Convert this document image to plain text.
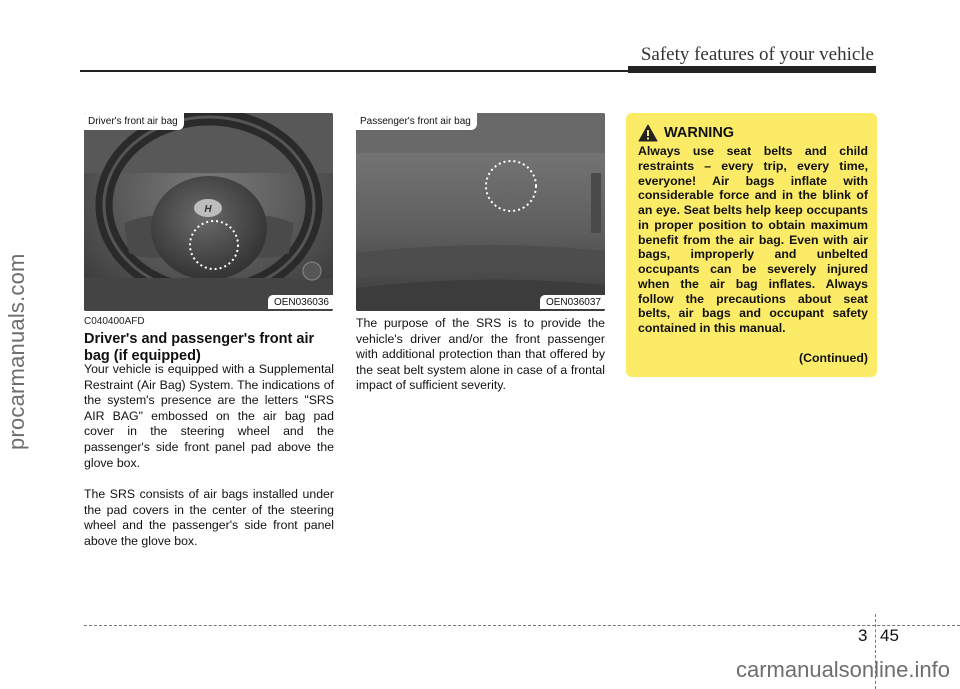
procarmanuals.com
Safety features of your vehicle
H
Driver's front air bag
OEN036036
Passenger's front air bag
OEN036037
C040400AFD
Driver's and passenger's front air bag (if equipped)
Your vehicle is equipped with a Supplemental Restraint (Air Bag) System. The indications of the system's presence are the letters "SRS AIR BAG" embossed on the air bag pad cover in the steering wheel and the passenger's side front panel pad above the glove box.
The SRS consists of air bags installed under the pad covers in the center of the steering wheel and the passenger's side front panel above the glove box.
The purpose of the SRS is to provide the vehicle's driver and/or the front passenger with additional protection than that offered by the seat belt system alone in case of a frontal impact of sufficient severity.
WARNING
Always use seat belts and child restraints – every trip, every time, everyone! Air bags inflate with considerable force and in the blink of an eye. Seat belts help keep occupants in proper position to obtain maximum benefit from the air bag. Even with air bags, improperly and unbelted occupants can be severely injured when the air bag inflates. Always follow the precautions about seat belts, air bags and occupant safety contained in this manual.
(Continued)
3 45
carmanualsonline.info
